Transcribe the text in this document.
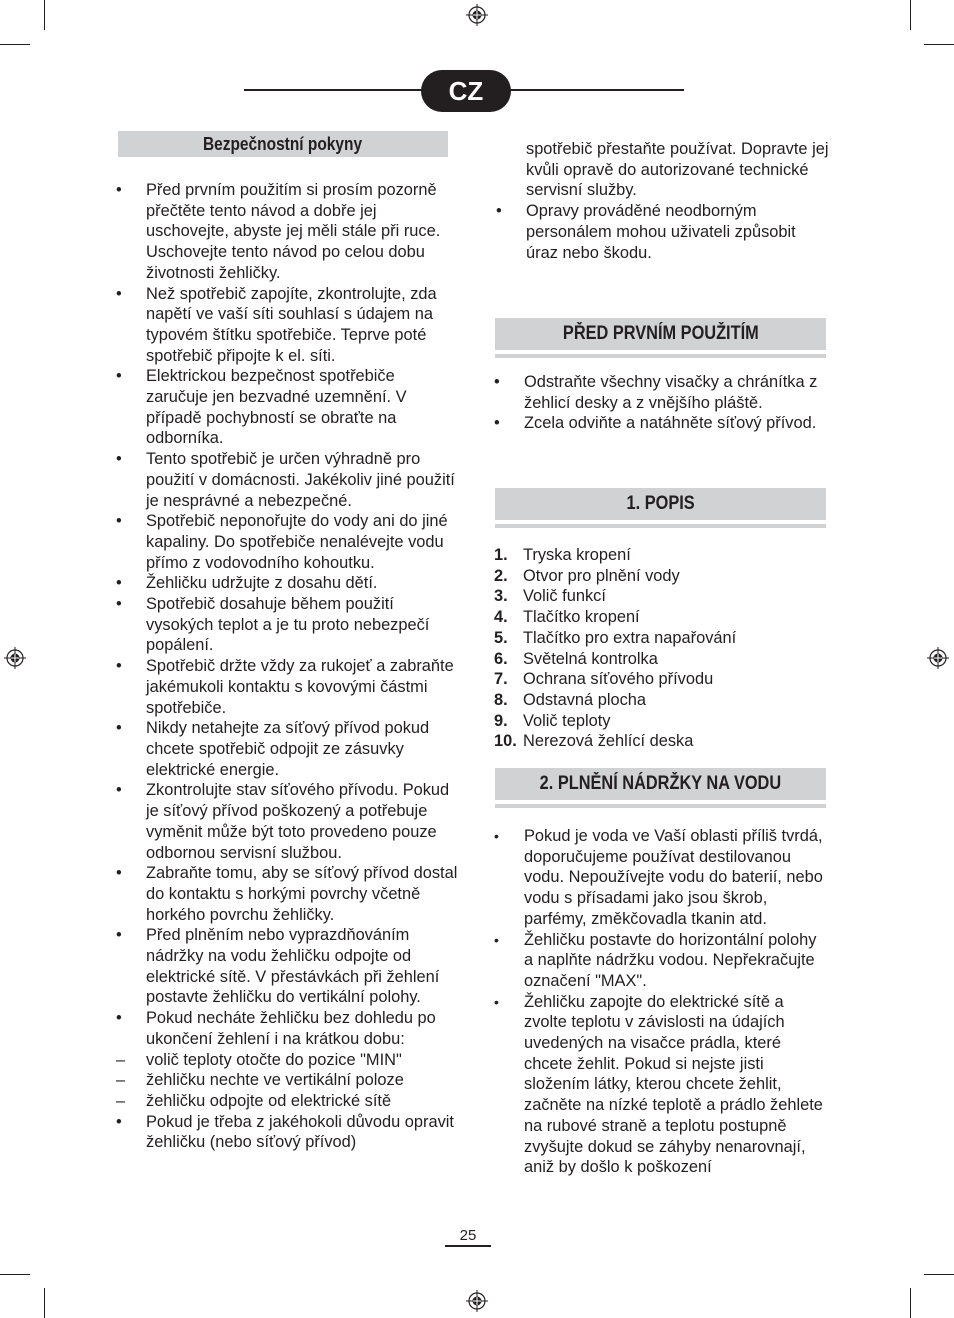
CZ
Bezpečnostní pokyny
•	Před prvním použitím si prosím pozorně přečtěte tento návod a dobře jej uschovejte, abyste jej měli stále při ruce. Uschovejte tento návod po celou dobu životnosti žehličky.
•	Než spotřebič zapojíte, zkontrolujte, zda napětí ve vaší síti souhlasí s údajem na typovém štítku spotřebiče. Teprve poté spotřebič připojte k el. síti.
•	Elektrickou bezpečnost spotřebiče zaručuje jen bezvadné uzemnění. V případě pochybností se obraťte na odborníka.
•	Tento spotřebič je určen výhradně pro použití v domácnosti. Jakékoliv jiné použití je nesprávné a nebezpečné.
•	Spotřebič neponořujte do vody ani do jiné kapaliny. Do spotřebiče nenalévejte vodu přímo z vodovodního kohoutku.
•	Žehličku udržujte z dosahu dětí.
•	Spotřebič dosahuje během použití vysokých teplot a je tu proto nebezpečí popálení.
•	Spotřebič držte vždy za rukojeť a zabraňte jakémukoli kontaktu s kovovými částmi spotřebiče.
•	Nikdy netahejte za síťový přívod pokud chcete spotřebič odpojit ze zásuvky elektrické energie.
•	Zkontrolujte stav síťového přívodu. Pokud je síťový přívod poškozený a potřebuje vyměnit může být toto provedeno pouze odbornou servisní službou.
•	Zabraňte tomu, aby se síťový přívod dostal do kontaktu s horkými povrchy včetně horkého povrchu žehličky.
•	Před plněním nebo vyprazdňováním nádržky na vodu žehličku odpojte od elektrické sítě. V přestávkách při žehlení postavte žehličku do vertikální polohy.
•	Pokud necháte žehličku bez dohledu po ukončení žehlení i na krátkou dobu:
– volič teploty otočte do pozice "MIN"
– žehličku nechte ve vertikální poloze
– žehličku odpojte od elektrické sítě
•	Pokud je třeba z jakéhokoli důvodu opravit žehličku (nebo síťový přívod)
spotřebič přestaňte používat. Dopravte jej kvůli opravě do autorizované technické servisní služby.
•	Opravy prováděné neodborným personálem mohou uživateli způsobit úraz nebo škodu.
PŘED PRVNÍM POUŽITÍM
•	Odstraňte všechny visačky a chránítka z žehlicí desky a z vnějšího pláště.
•	Zcela odviňte a natáhněte síťový přívod.
1. POPIS
1. Tryska kropení
2. Otvor pro plnění vody
3. Volič funkcí
4. Tlačítko kropení
5. Tlačítko pro extra napařování
6. Světelná kontrolka
7. Ochrana síťového přívodu
8. Odstavná plocha
9. Volič teploty
10. Nerezová žehlící deska
2. PLNĚNÍ NÁDRŽKY NA VODU
•	Pokud je voda ve Vaší oblasti příliš tvrdá, doporučujeme používat destilovanou vodu. Nepoužívejte vodu do baterií, nebo vodu s přísadami jako jsou škrob, parfémy, změkčovadla tkanin atd.
•	Žehličku postavte do horizontální polohy a naplňte nádržku vodou. Nepřekračujte označení "MAX".
•	Žehličku zapojte do elektrické sítě a zvolte teplotu v závislosti na údajích uvedených na visačce prádla, které chcete žehlit. Pokud si nejste jisti složením látky, kterou chcete žehlit, začněte na nízké teplotě a prádlo žehlete na rubové straně a teplotu postupně zvyšujte dokud se záhyby nenarovnají, aniž by došlo k poškození
25
